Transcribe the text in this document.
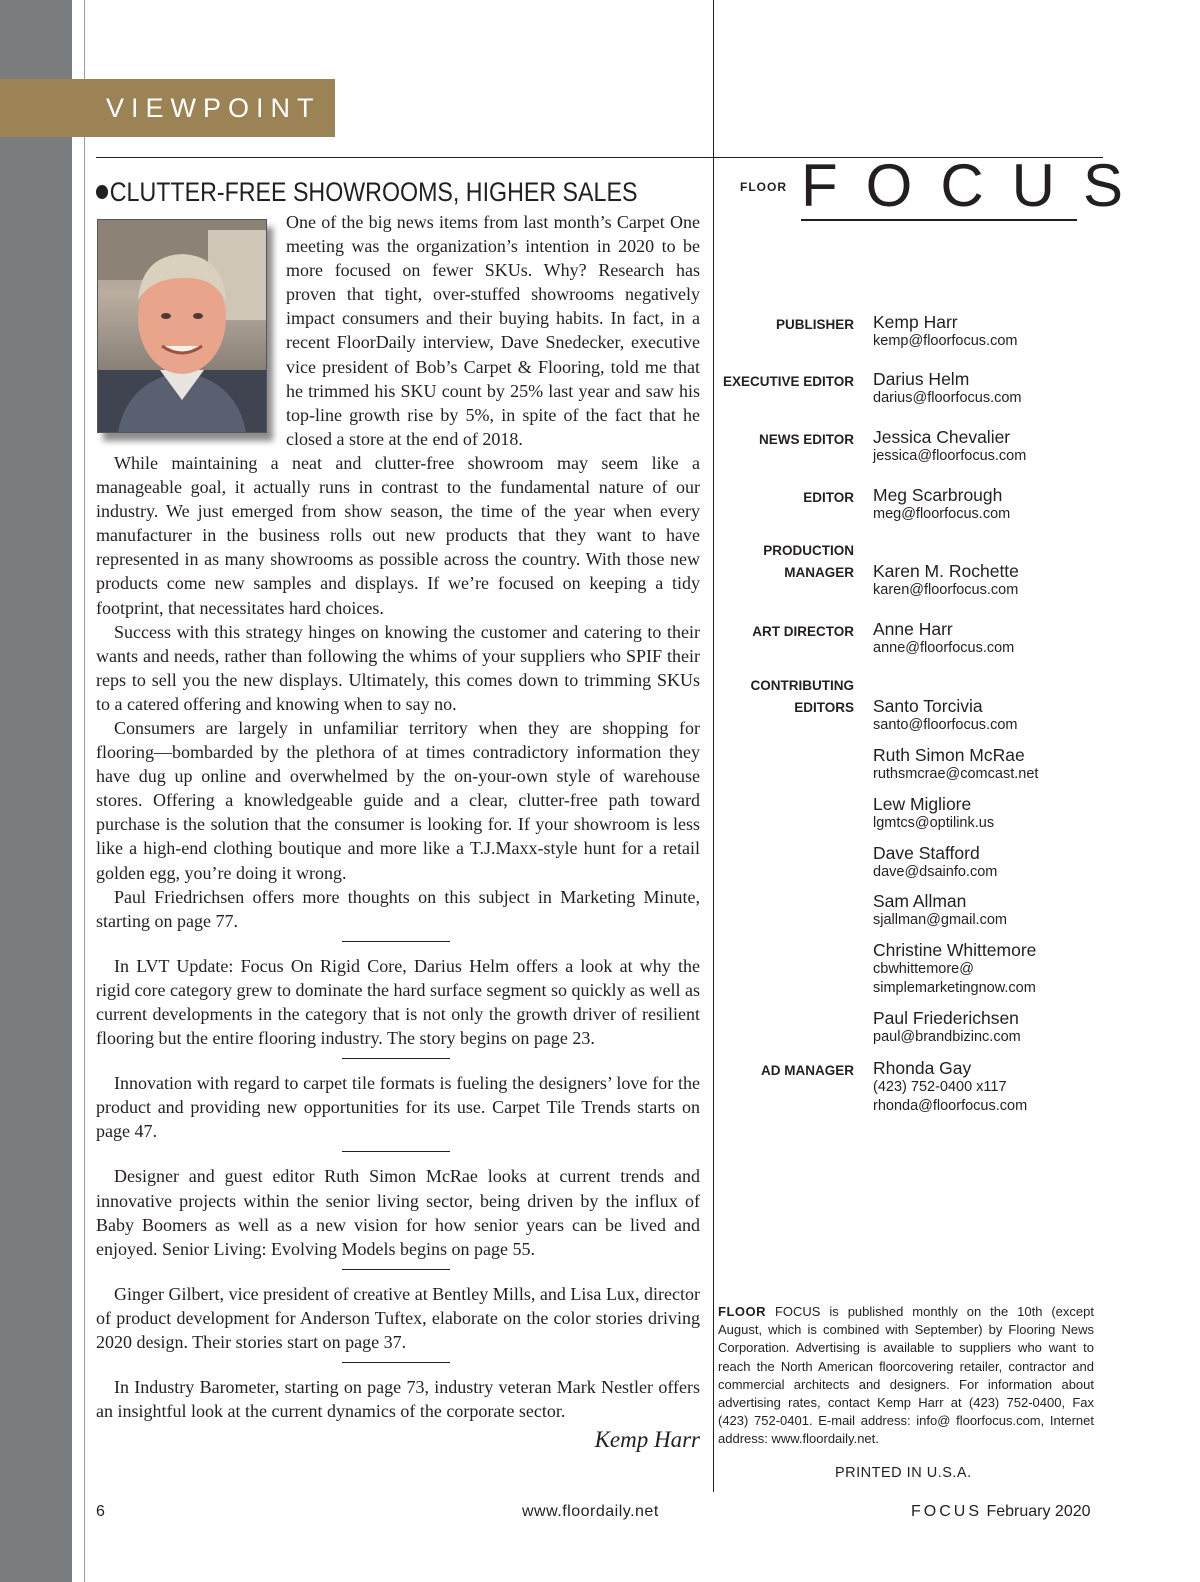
VIEWPOINT
CLUTTER-FREE SHOWROOMS, HIGHER SALES

One of the big news items from last month’s Carpet One meeting was the organization’s intention in 2020 to be more focused on fewer SKUs. Why? Research has proven that tight, over-stuffed showrooms negatively impact consumers and their buying habits. In fact, in a recent FloorDaily interview, Dave Snedecker, executive vice president of Bob’s Carpet & Flooring, told me that he trimmed his SKU count by 25% last year and saw his top-line growth rise by 5%, in spite of the fact that he closed a store at the end of 2018.

While maintaining a neat and clutter-free showroom may seem like a manageable goal, it actually runs in contrast to the fundamental nature of our industry. We just emerged from show season, the time of the year when every manufacturer in the business rolls out new products that they want to have represented in as many showrooms as possible across the country. With those new products come new samples and displays. If we’re focused on keeping a tidy footprint, that necessitates hard choices.

Success with this strategy hinges on knowing the customer and catering to their wants and needs, rather than following the whims of your suppliers who SPIF their reps to sell you the new displays. Ultimately, this comes down to trimming SKUs to a catered offering and knowing when to say no.

Consumers are largely in unfamiliar territory when they are shopping for flooring—bombarded by the plethora of at times contradictory information they have dug up online and overwhelmed by the on-your-own style of warehouse stores. Offering a knowledgeable guide and a clear, clutter-free path toward purchase is the solution that the consumer is looking for. If your showroom is less like a high-end clothing boutique and more like a T.J.Maxx-style hunt for a retail golden egg, you’re doing it wrong.

Paul Friedrichsen offers more thoughts on this subject in Marketing Minute, starting on page 77.

In LVT Update: Focus On Rigid Core, Darius Helm offers a look at why the rigid core category grew to dominate the hard surface segment so quickly as well as current developments in the category that is not only the growth driver of resilient flooring but the entire flooring industry. The story begins on page 23.

Innovation with regard to carpet tile formats is fueling the designers’ love for the product and providing new opportunities for its use. Carpet Tile Trends starts on page 47.

Designer and guest editor Ruth Simon McRae looks at current trends and innovative projects within the senior living sector, being driven by the influx of Baby Boomers as well as a new vision for how senior years can be lived and enjoyed. Senior Living: Evolving Models begins on page 55.

Ginger Gilbert, vice president of creative at Bentley Mills, and Lisa Lux, director of product development for Anderson Tuftex, elaborate on the color stories driving 2020 design. Their stories start on page 37.

In Industry Barometer, starting on page 73, industry veteran Mark Nestler offers an insightful look at the current dynamics of the corporate sector.

Kemp Harr
FLOOR FOCUS
PUBLISHER Kemp Harr
kemp@floorfocus.com
EXECUTIVE EDITOR Darius Helm
darius@floorfocus.com
NEWS EDITOR Jessica Chevalier
jessica@floorfocus.com
EDITOR Meg Scarbrough
meg@floorfocus.com
PRODUCTION
MANAGER Karen M. Rochette
karen@floorfocus.com
ART DIRECTOR Anne Harr
anne@floorfocus.com
CONTRIBUTING
EDITORS Santo Torcivia
santo@floorfocus.com
Ruth Simon McRae
ruthsmcrae@comcast.net
Lew Migliore
lgmtcs@optilink.us
Dave Stafford
dave@dsainfo.com
Sam Allman
sjallman@gmail.com
Christine Whittemore
cbwhittemore@
simplemarketingnow.com
Paul Friederichsen
paul@brandbizinc.com
AD MANAGER Rhonda Gay
(423) 752-0400 x117
rhonda@floorfocus.com
FLOOR FOCUS is published monthly on the 10th (except August, which is combined with September) by Flooring News Corporation. Advertising is available to suppliers who want to reach the North American floorcovering retailer, contractor and commercial architects and designers. For information about advertising rates, contact Kemp Harr at (423) 752-0400, Fax (423) 752-0401. E-mail address: info@ floorfocus.com, Internet address: www.floordaily.net.
PRINTED IN U.S.A.
6	www.floordaily.net	FOCUS February 2020
